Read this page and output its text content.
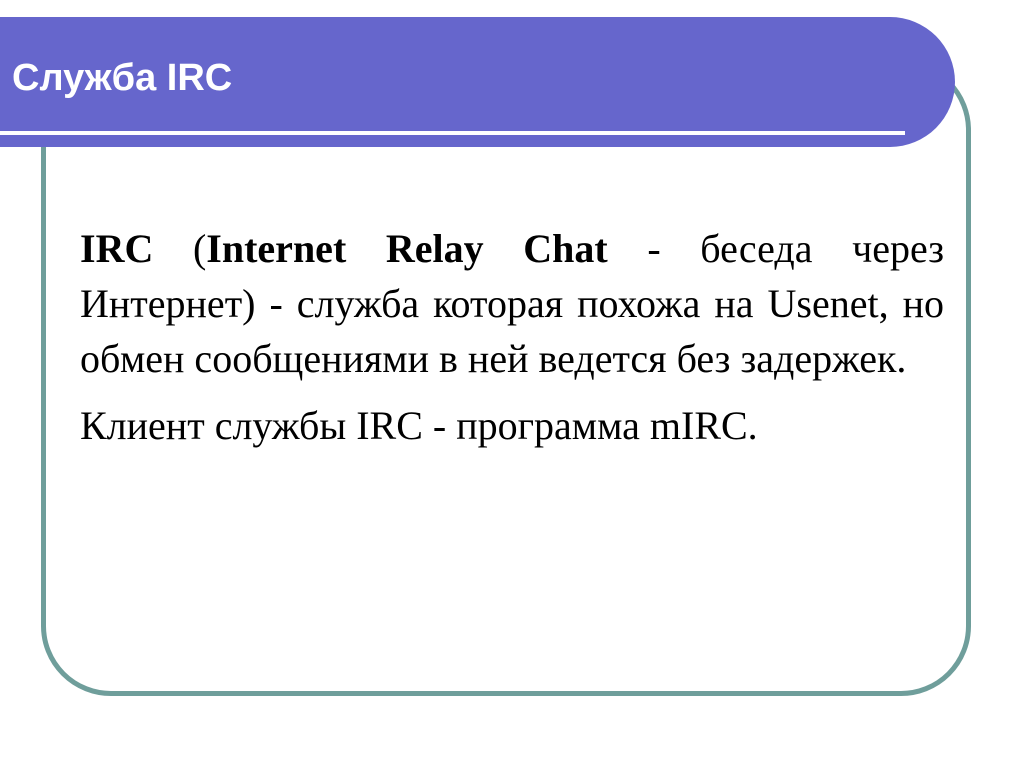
Служба IRC

IRC (Internet Relay Chat - беседа через Интернет) - служба которая похожа на Usenet, но обмен сообщениями в ней ведется без задержек.

Клиент службы IRC - программа mIRC.
